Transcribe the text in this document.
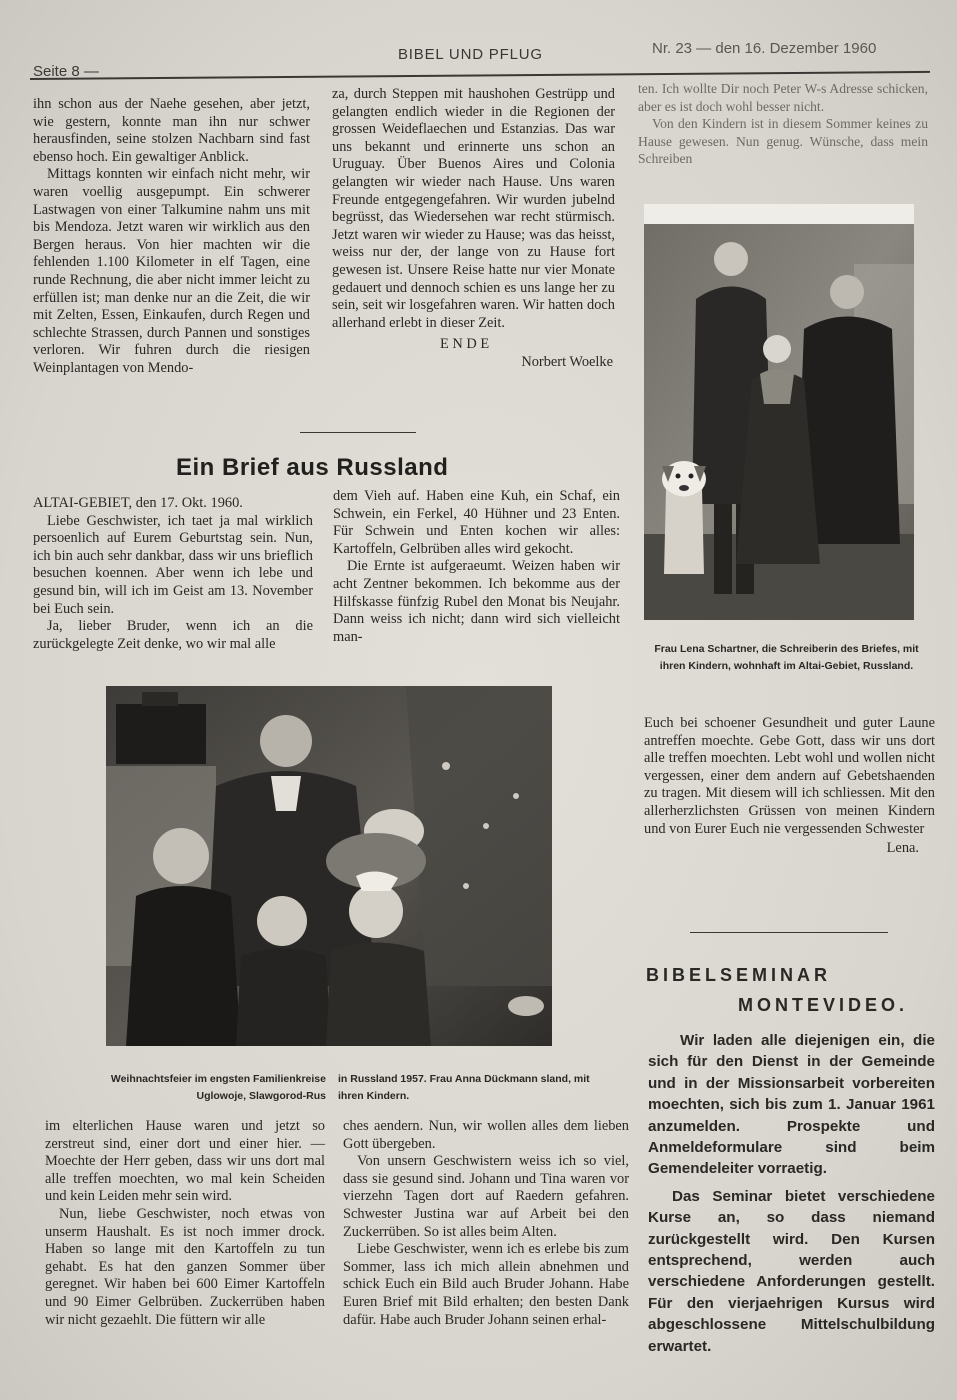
Seite 8 —
BIBEL UND PFLUG	Nr. 23 — den 16. Dezember 1960

ihn schon aus der Naehe gesehen, aber jetzt, wie gestern, konnte man ihn nur schwer herausfinden, seine stolzen Nachbarn sind fast ebenso hoch. Ein gewaltiger Anblick.

Mittags konnten wir einfach nicht mehr, wir waren voellig ausgepumpt. Ein schwerer Lastwagen von einer Talkumine nahm uns mit bis Mendoza. Jetzt waren wir wirklich aus den Bergen heraus. Von hier machten wir die fehlenden 1.100 Kilometer in elf Tagen, eine runde Rechnung, die aber nicht immer leicht zu erfüllen ist; man denke nur an die Zeit, die wir mit Zelten, Essen, Einkaufen, durch Regen und schlechte Strassen, durch Pannen und sonstiges verloren. Wir fuhren durch die riesigen Weinplantagen von Mendo-

za, durch Steppen mit haushohen Gestrüpp und gelangten endlich wieder in die Regionen der grossen Weideflaechen und Estanzias. Das war uns bekannt und erinnerte uns schon an Uruguay. Über Buenos Aires und Colonia gelangten wir wieder nach Hause. Uns waren Freunde entgegengefahren. Wir wurden jubelnd begrüsst, das Wiedersehen war recht stürmisch. Jetzt waren wir wieder zu Hause; was das heisst, weiss nur der, der lange von zu Hause fort gewesen ist. Unsere Reise hatte nur vier Monate gedauert und dennoch schien es uns lange her zu sein, seit wir losgefahren waren. Wir hatten doch allerhand erlebt in dieser Zeit.

E N D E

Norbert Woelke

ten. Ich wollte Dir noch Peter W-s Adresse schicken, aber es ist doch wohl besser nicht.

Von den Kindern ist in diesem Sommer keines zu Hause gewesen. Nun genug. Wünsche, dass mein Schreiben

Frau Lena Schartner, die Schreiberin des Briefes, mit ihren Kindern, wohnhaft im Altai-Gebiet, Russland.
Ein Brief aus Russland

ALTAI-GEBIET, den 17. Okt. 1960.

Liebe Geschwister, ich taet ja mal wirklich persoenlich auf Eurem Geburtstag sein. Nun, ich bin auch sehr dankbar, dass wir uns brieflich besuchen koennen. Aber wenn ich lebe und gesund bin, will ich im Geist am 13. November bei Euch sein.

Ja, lieber Bruder, wenn ich an die zurückgelegte Zeit denke, wo wir mal alle

dem Vieh auf. Haben eine Kuh, ein Schaf, ein Schwein, ein Ferkel, 40 Hühner und 23 Enten. Für Schwein und Enten kochen wir alles: Kartoffeln, Gelbrüben alles wird gekocht.

Die Ernte ist aufgeraeumt. Weizen haben wir acht Zentner bekommen. Ich bekomme aus der Hilfskasse fünfzig Rubel den Monat bis Neujahr. Dann weiss ich nicht; dann wird sich vielleicht man-

Weihnachtsfeier im engsten Familienkreise Uglowoje, Slawgorod-Rus
in Russland 1957. Frau Anna Dückmann sland, mit ihren Kindern.

Euch bei schoener Gesundheit und guter Laune antreffen moechte. Gebe Gott, dass wir uns dort alle treffen moechten. Lebt wohl und wollen nicht vergessen, einer dem andern auf Gebetshaenden zu tragen. Mit diesem will ich schliessen. Mit den allerherzlichsten Grüssen von meinen Kindern und von Eurer Euch nie vergessenden Schwester

Lena.

im elterlichen Hause waren und jetzt so zerstreut sind, einer dort und einer hier. — Moechte der Herr geben, dass wir uns dort mal alle treffen moechten, wo mal kein Scheiden und kein Leiden mehr sein wird.

Nun, liebe Geschwister, noch etwas von unserm Haushalt. Es ist noch immer drock. Haben so lange mit den Kartoffeln zu tun gehabt. Es hat den ganzen Sommer über geregnet. Wir haben bei 600 Eimer Kartoffeln und 90 Eimer Gelbrüben. Zuckerrüben haben wir nicht gezaehlt. Die füttern wir alle

ches aendern. Nun, wir wollen alles dem lieben Gott übergeben.

Von unsern Geschwistern weiss ich so viel, dass sie gesund sind. Johann und Tina waren vor vierzehn Tagen dort auf Raedern gefahren. Schwester Justina war auf Arbeit bei den Zuckerrüben. So ist alles beim Alten.

Liebe Geschwister, wenn ich es erlebe bis zum Sommer, lass ich mich allein abnehmen und schick Euch ein Bild auch Bruder Johann. Habe Euren Brief mit Bild erhalten; den besten Dank dafür. Habe auch Bruder Johann seinen erhal-

BIBELSEMINAR
MONTEVIDEO.

Wir laden alle diejenigen ein, die sich für den Dienst in der Gemeinde und in der Missionsarbeit vorbereiten moechten, sich bis zum 1. Januar 1961 anzumelden. Prospekte und Anmeldeformulare sind beim Gemendeleiter vorraetig.

Das Seminar bietet verschiedene Kurse an, so dass niemand zurückgestellt wird. Den Kursen entsprechend, werden auch verschiedene Anforderungen gestellt. Für den vierjaehrigen Kursus wird abgeschlossene Mittelschulbildung erwartet.
